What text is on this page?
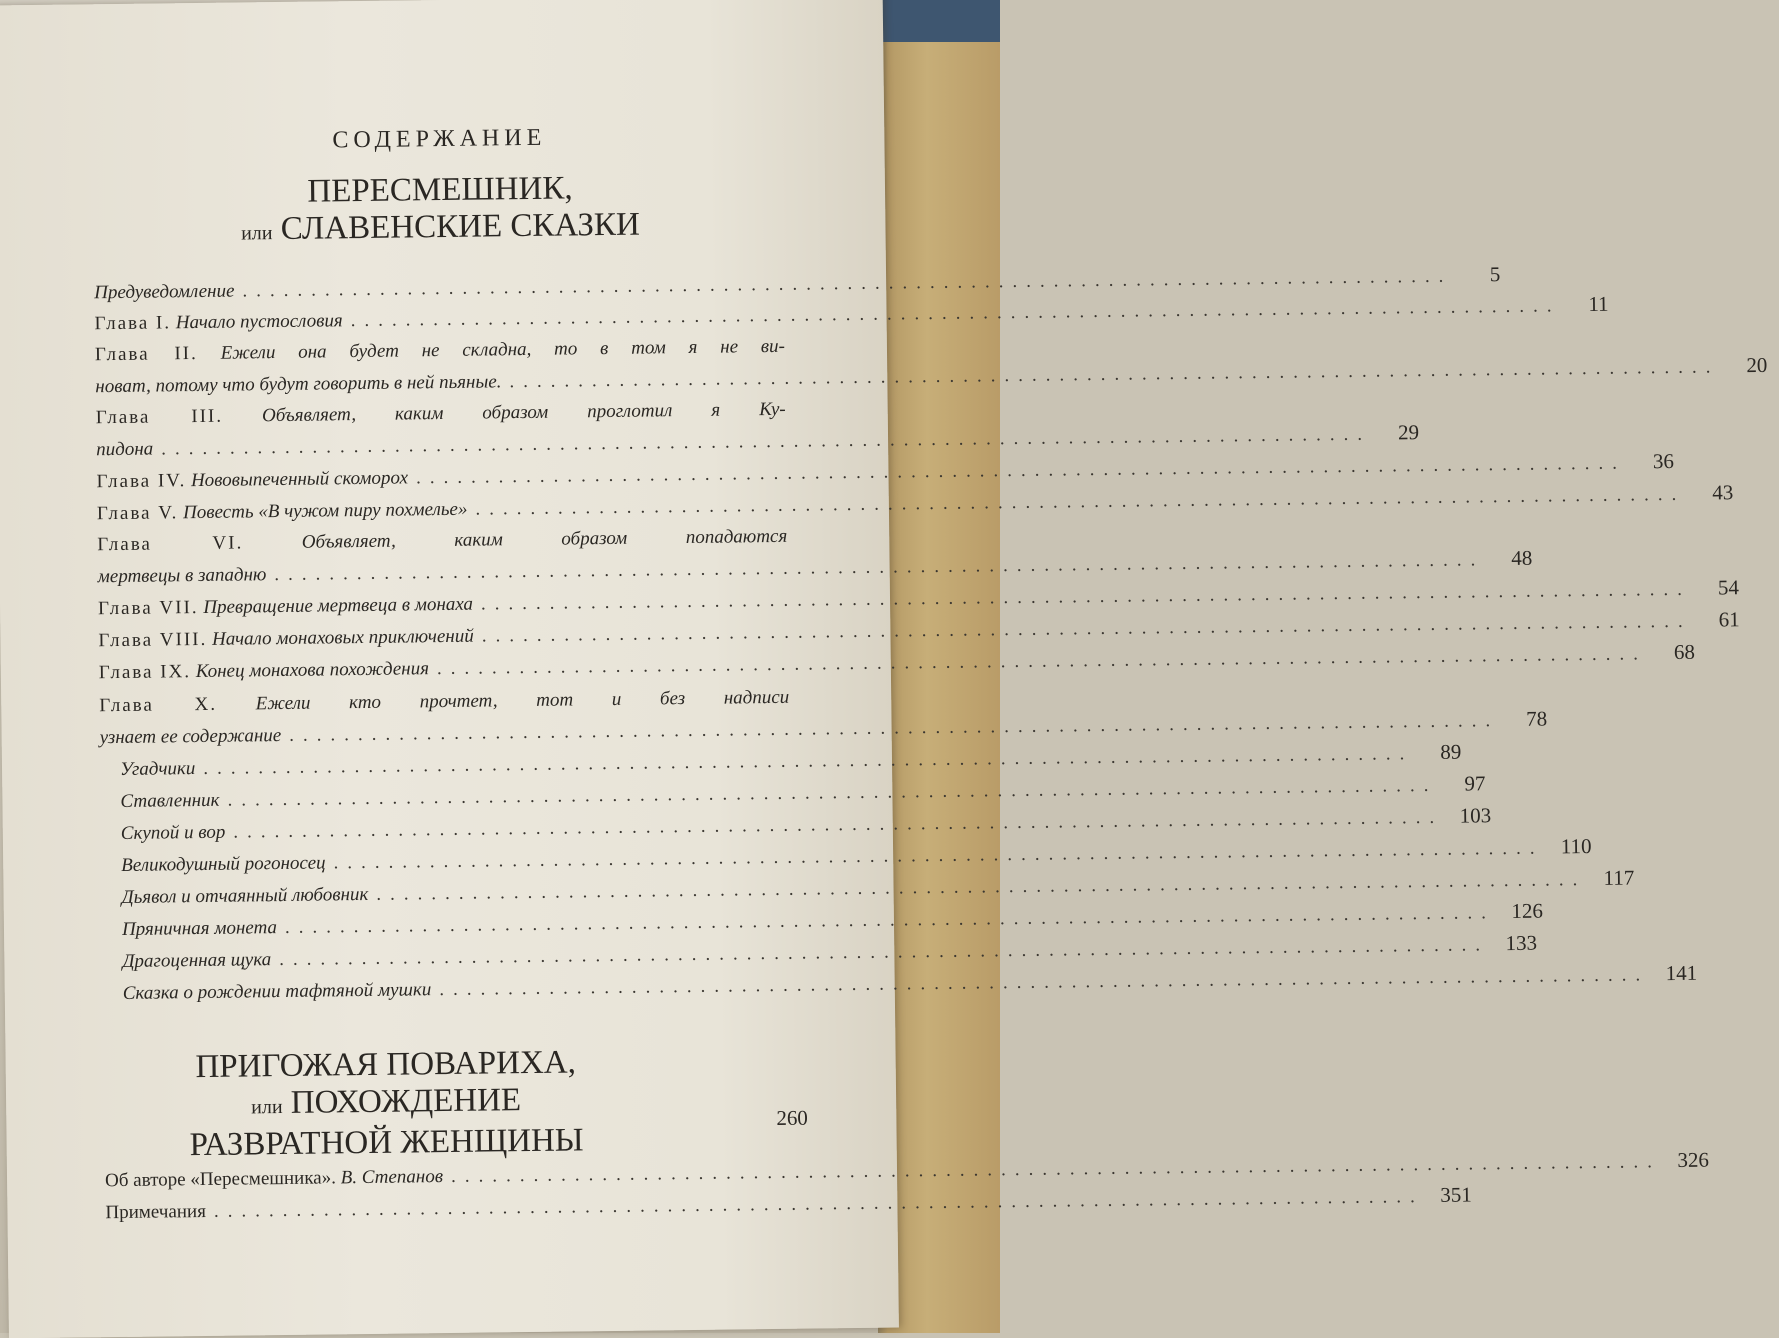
СОДЕРЖАНИЕ
ПЕРЕСМЕШНИК,
или СЛАВЕНСКИЕ СКАЗКИ
Предуведомление ........................................................................................	5
Глава I. Начало пустословия ........................................................................................	11
Глава II. Ежели она будет не складна, то в том я не ви-
новат, потому что будут говорить в ней пьяные. ........................................................................................	20
Глава III. Объявляет, каким образом проглотил я Ку-
пидона ........................................................................................	29
Глава IV. Нововыпеченный скоморох ........................................................................................	36
Глава V. Повесть «В чужом пиру похмелье» ........................................................................................	43
Глава VI.	Объявляет, каким образом попадаются
мертвецы в западню ........................................................................................	48
Глава VII. Превращение мертвеца в монаха ........................................................................................	54
Глава VIII. Начало монаховых приключений ........................................................................................	61
Глава IX. Конец монахова похождения ........................................................................................	68
Глава X. Ежели кто прочтет, тот и без надписи
узнает ее содержание ........................................................................................	78
Угадчики ........................................................................................	89
Ставленник ........................................................................................	97
Скупой и вор ........................................................................................ 103
Великодушный рогоносец ........................................................................................ 110
Дьявол и отчаянный любовник ........................................................................................ 117
Пряничная монета ........................................................................................ 126
Драгоценная щука ........................................................................................ 133
Сказка о рождении тафтяной мушки ........................................................................................ 141
ПРИГОЖАЯ ПОВАРИХА,
или ПОХОЖДЕНИЕ
РАЗВРАТНОЙ ЖЕНЩИНЫ
260
Об авторе «Пересмешника». В. Степанов ........................................................................................ 326
Примечания ........................................................................................ 351
